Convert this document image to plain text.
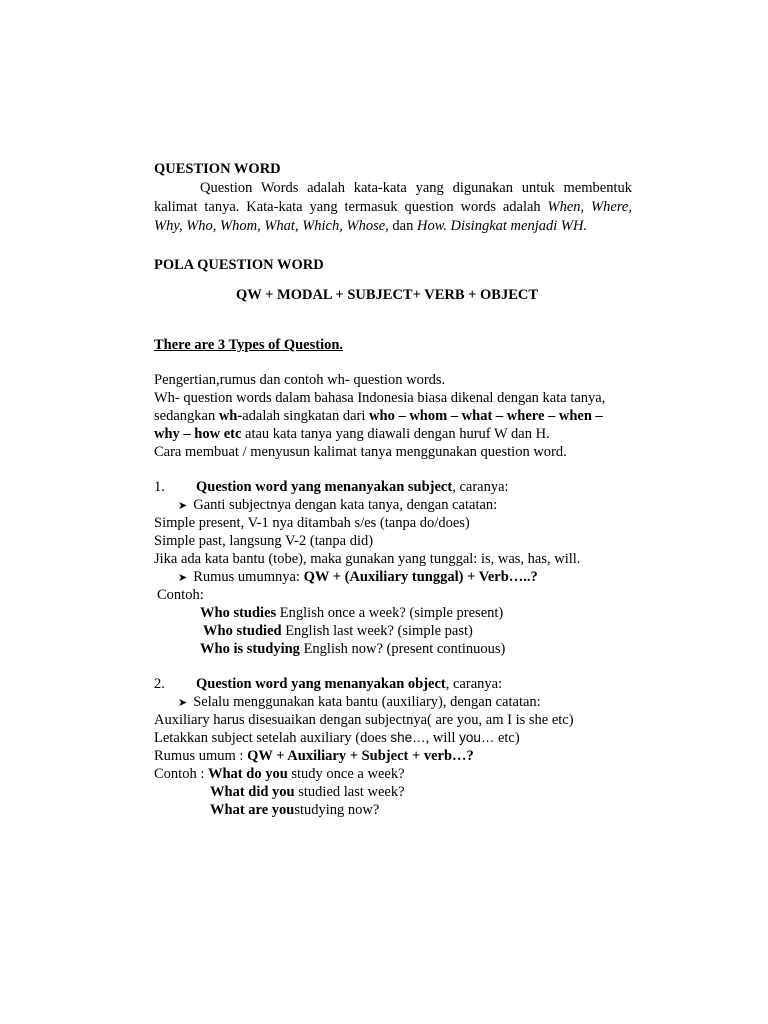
QUESTION WORD
Question Words adalah kata-kata yang digunakan untuk membentuk
kalimat tanya. Kata-kata yang termasuk question words adalah When, Where,
Why, Who, Whom, What, Which, Whose, dan How. Disingkat menjadi WH.
POLA QUESTION WORD
QW + MODAL + SUBJECT+ VERB + OBJECT
There are 3 Types of Question.
Pengertian,rumus dan contoh wh- question words.
Wh- question words dalam bahasa Indonesia biasa dikenal dengan kata tanya,
sedangkan wh-adalah singkatan dari who – whom – what – where – when –
why – how etc atau kata tanya yang diawali dengan huruf W dan H.
Cara membuat / menyusun kalimat tanya menggunakan question word.
1. Question word yang menanyakan subject, caranya:
➤ Ganti subjectnya dengan kata tanya, dengan catatan:
Simple present, V-1 nya ditambah s/es (tanpa do/does)
Simple past, langsung V-2 (tanpa did)
Jika ada kata bantu (tobe), maka gunakan yang tunggal: is, was, has, will.
➤ Rumus umumnya: QW + (Auxiliary tunggal) + Verb…..?
Contoh:
Who studies English once a week? (simple present)
Who studied English last week? (simple past)
Who is studying English now? (present continuous)
2. Question word yang menanyakan object, caranya:
➤ Selalu menggunakan kata bantu (auxiliary), dengan catatan:
Auxiliary harus disesuaikan dengan subjectnya( are you, am I is she etc)
Letakkan subject setelah auxiliary (does she…, will you… etc)
Rumus umum : QW + Auxiliary + Subject + verb…?
Contoh : What do you study once a week?
What did you studied last week?
What are youstudying now?
